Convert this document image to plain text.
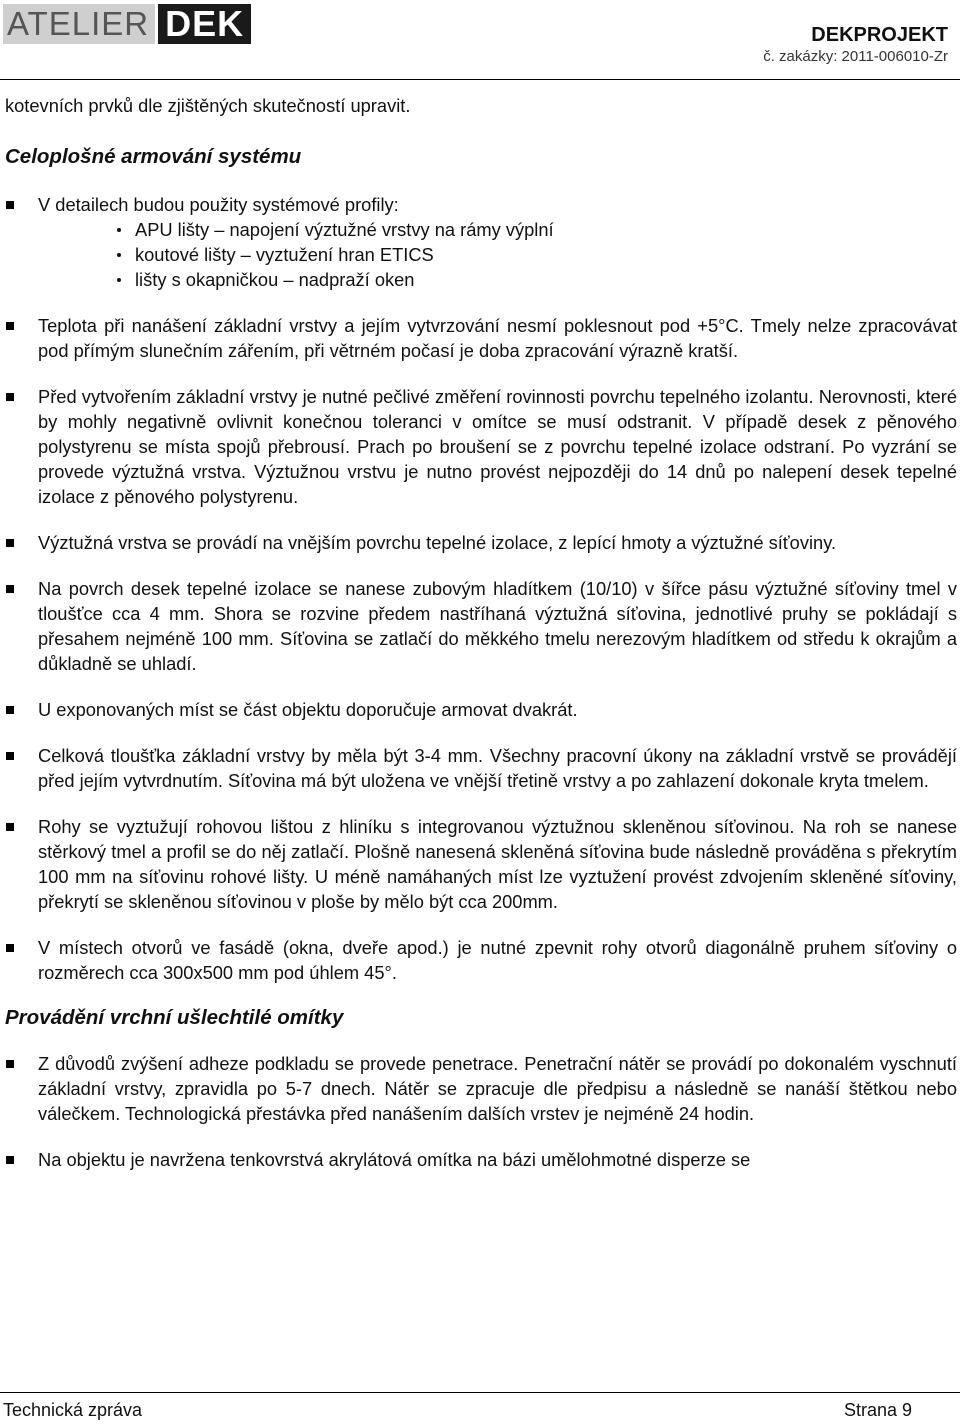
ATELIER DEK	DEKPROJEKT
č. zakázky: 2011-006010-Zr

kotevních prvků dle zjištěných skutečností upravit.

Celoplošné armování systému
V detailech budou použity systémové profily:
APU lišty – napojení výztužné vrstvy na rámy výplní
koutové lišty – vyztužení hran ETICS
lišty s okapničkou – nadpraží oken
Teplota při nanášení základní vrstvy a jejím vytvrzování nesmí poklesnout pod +5°C. Tmely nelze zpracovávat pod přímým slunečním zářením, při větrném počasí je doba zpracování výrazně kratší.
Před vytvořením základní vrstvy je nutné pečlivé změření rovinnosti povrchu tepelného izolantu. Nerovnosti, které by mohly negativně ovlivnit konečnou toleranci v omítce se musí odstranit. V případě desek z pěnového polystyrenu se místa spojů přebrousí. Prach po broušení se z povrchu tepelné izolace odstraní. Po vyzrání se provede výztužná vrstva. Výztužnou vrstvu je nutno provést nejpozději do 14 dnů po nalepení desek tepelné izolace z pěnového polystyrenu.
Výztužná vrstva se provádí na vnějším povrchu tepelné izolace, z lepící hmoty a výztužné síťoviny.
Na povrch desek tepelné izolace se nanese zubovým hladítkem (10/10) v šířce pásu výztužné síťoviny tmel v tloušťce cca 4 mm. Shora se rozvine předem nastříhaná výztužná síťovina, jednotlivé pruhy se pokládají s přesahem nejméně 100 mm. Síťovina se zatlačí do měkkého tmelu nerezovým hladítkem od středu k okrajům a důkladně se uhladí.
U exponovaných míst se část objektu doporučuje armovat dvakrát.
Celková tloušťka základní vrstvy by měla být 3-4 mm. Všechny pracovní úkony na základní vrstvě se provádějí před jejím vytvrdnutím. Síťovina má být uložena ve vnější třetině vrstvy a po zahlazení dokonale kryta tmelem.
Rohy se vyztužují rohovou lištou z hliníku s integrovanou výztužnou skleněnou síťovinou. Na roh se nanese stěrkový tmel a profil se do něj zatlačí. Plošně nanesená skleněná síťovina bude následně prováděna s překrytím 100 mm na síťovinu rohové lišty. U méně namáhaných míst lze vyztužení provést zdvojením skleněné síťoviny, překrytí se skleněnou síťovinou v ploše by mělo být cca 200mm.
V místech otvorů ve fasádě (okna, dveře apod.) je nutné zpevnit rohy otvorů diagonálně pruhem síťoviny o rozměrech cca 300x500 mm pod úhlem 45°.
Provádění vrchní ušlechtilé omítky
Z důvodů zvýšení adheze podkladu se provede penetrace. Penetrační nátěr se provádí po dokonalém vyschnutí základní vrstvy, zpravidla po 5-7 dnech. Nátěr se zpracuje dle předpisu a následně se nanáší štětkou nebo válečkem. Technologická přestávka před nanášením dalších vrstev je nejméně 24 hodin.
Na objektu je navržena tenkovrstvá akrylátová omítka na bázi umělohmotné disperze se
Technická zpráva	Strana 9
